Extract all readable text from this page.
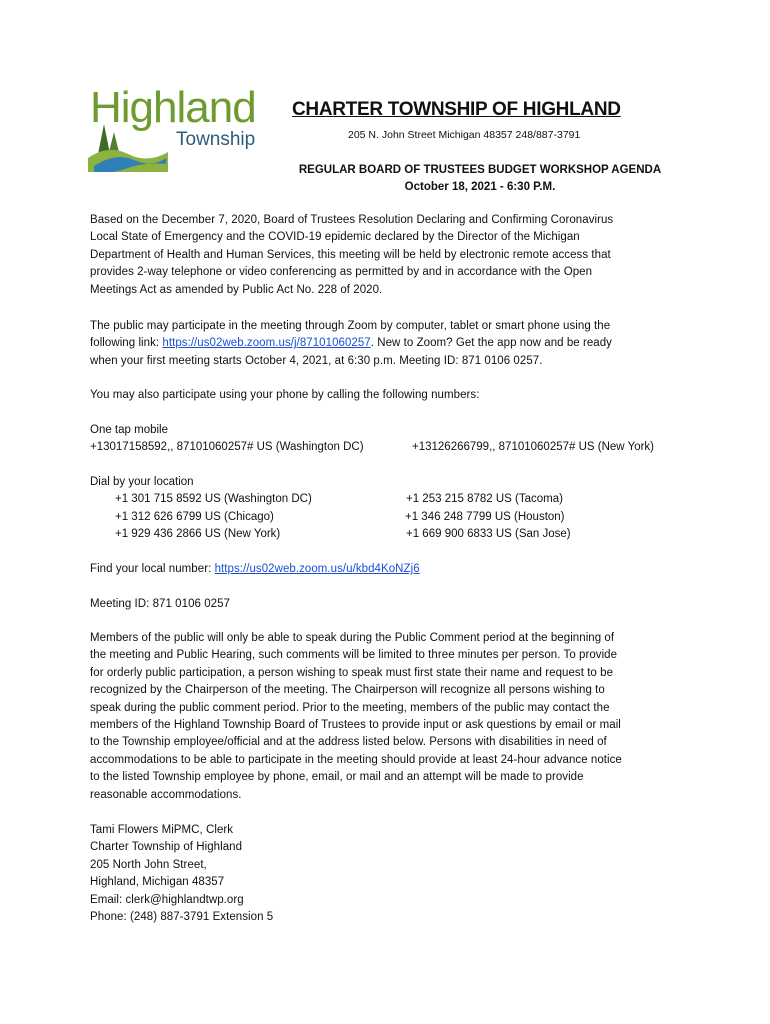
Highland
Township
CHARTER TOWNSHIP OF HIGHLAND
205 N. John Street Michigan 48357 248/887-3791
REGULAR BOARD OF TRUSTEES BUDGET WORKSHOP AGENDA
October 18, 2021 - 6:30 P.M.
Based on the December 7, 2020, Board of Trustees Resolution Declaring and Confirming Coronavirus
Local State of Emergency and the COVID-19 epidemic declared by the Director of the Michigan
Department of Health and Human Services, this meeting will be held by electronic remote access that
provides 2-way telephone or video conferencing as permitted by and in accordance with the Open
Meetings Act as amended by Public Act No. 228 of 2020.
The public may participate in the meeting through Zoom by computer, tablet or smart phone using the
following link: https://us02web.zoom.us/j/87101060257. New to Zoom? Get the app now and be ready
when your first meeting starts October 4, 2021, at 6:30 p.m. Meeting ID: 871 0106 0257.
You may also participate using your phone by calling the following numbers:
One tap mobile
+13017158592,, 87101060257# US (Washington DC)	+13126266799,, 87101060257# US (New York)
Dial by your location
+1 301 715 8592 US (Washington DC)
+1 312 626 6799 US (Chicago)
+1 929 436 2866 US (New York)
+1 253 215 8782 US (Tacoma)
+1 346 248 7799 US (Houston)
+1 669 900 6833 US (San Jose)
Find your local number: https://us02web.zoom.us/u/kbd4KoNZj6
Meeting ID: 871 0106 0257
Members of the public will only be able to speak during the Public Comment period at the beginning of
the meeting and Public Hearing, such comments will be limited to three minutes per person. To provide
for orderly public participation, a person wishing to speak must first state their name and request to be
recognized by the Chairperson of the meeting. The Chairperson will recognize all persons wishing to
speak during the public comment period. Prior to the meeting, members of the public may contact the
members of the Highland Township Board of Trustees to provide input or ask questions by email or mail
to the Township employee/official and at the address listed below. Persons with disabilities in need of
accommodations to be able to participate in the meeting should provide at least 24-hour advance notice
to the listed Township employee by phone, email, or mail and an attempt will be made to provide
reasonable accommodations.
Tami Flowers MiPMC, Clerk
Charter Township of Highland
205 North John Street,
Highland, Michigan 48357
Email: clerk@highlandtwp.org
Phone: (248) 887-3791 Extension 5
